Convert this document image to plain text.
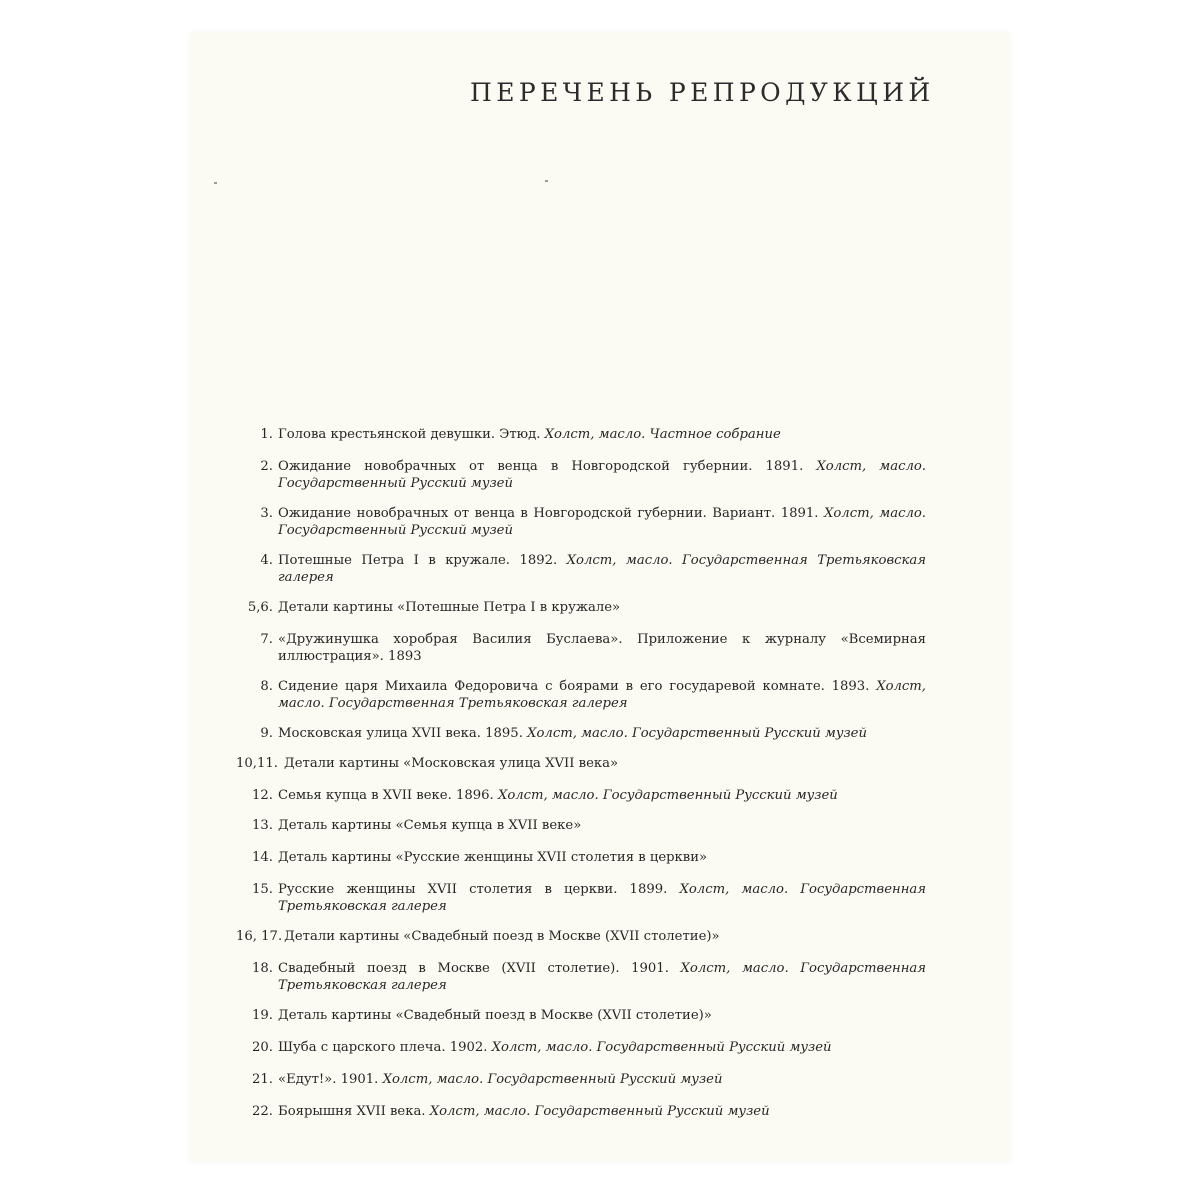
ПЕРЕЧЕНЬ РЕПРОДУКЦИЙ
1. Голова крестьянской девушки. Этюд. Холст, масло. Частное собрание
2. Ожидание новобрачных от венца в Новгородской губернии. 1891. Холст, масло. Государственный Русский музей
3. Ожидание новобрачных от венца в Новгородской губернии. Вариант. 1891. Холст, масло. Государственный Русский музей
4. Потешные Петра I в кружале. 1892. Холст, масло. Государственная Третьяковская галерея
5,6. Детали картины «Потешные Петра I в кружале»
7. «Дружинушка хоробрая Василия Буслаева». Приложение к журналу «Всемирная иллюстрация». 1893
8. Сидение царя Михаила Федоровича с боярами в его государевой комнате. 1893. Холст, масло. Государственная Третьяковская галерея
9. Московская улица XVII века. 1895. Холст, масло. Государственный Русский музей
10,11. Детали картины «Московская улица XVII века»
12. Семья купца в XVII веке. 1896. Холст, масло. Государственный Русский музей
13. Деталь картины «Семья купца в XVII веке»
14. Деталь картины «Русские женщины XVII столетия в церкви»
15. Русские женщины XVII столетия в церкви. 1899. Холст, масло. Государственная Третьяковская галерея
16, 17. Детали картины «Свадебный поезд в Москве (XVII столетие)»
18. Свадебный поезд в Москве (XVII столетие). 1901. Холст, масло. Государственная Третьяковская галерея
19. Деталь картины «Свадебный поезд в Москве (XVII столетие)»
20. Шуба с царского плеча. 1902. Холст, масло. Государственный Русский музей
21. «Едут!». 1901. Холст, масло. Государственный Русский музей
22. Боярышня XVII века. Холст, масло. Государственный Русский музей
